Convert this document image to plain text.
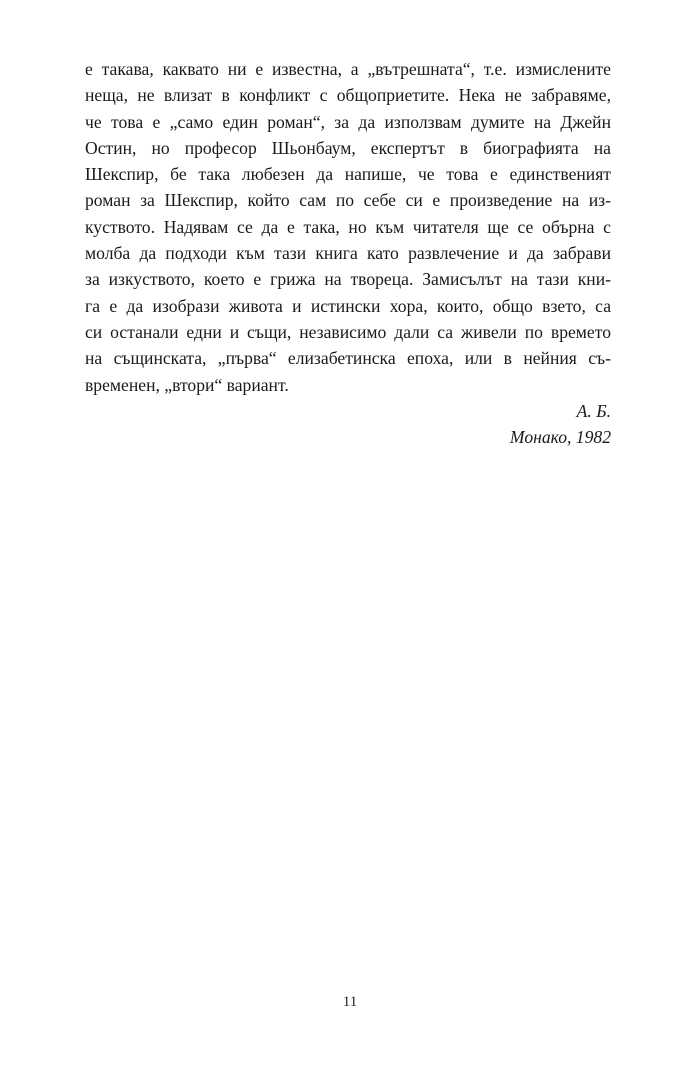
е такава, каквато ни е известна, а „вътрешната“, т.е. измислените
неща, не влизат в конфликт с общоприетите. Нека не забравяме,
че това е „само един роман“, за да използвам думите на Джейн
Остин, но професор Шьонбаум, експертът в биографията на
Шекспир, бе така любезен да напише, че това е единственият
роман за Шекспир, който сам по себе си е произведение на из-
куството. Надявам се да е така, но към читателя ще се обърна с
молба да подходи към тази книга като развлечение и да забрави
за изкуството, което е грижа на твореца. Замисълът на тази кни-
га е да изобрази живота и истински хора, които, общо взето, са
си останали едни и същи, независимо дали са живели по времето
на същинската, „първа“ елизабетинска епоха, или в нейния съ-
временен, „втори“ вариант.
А. Б.
Монако, 1982
11
